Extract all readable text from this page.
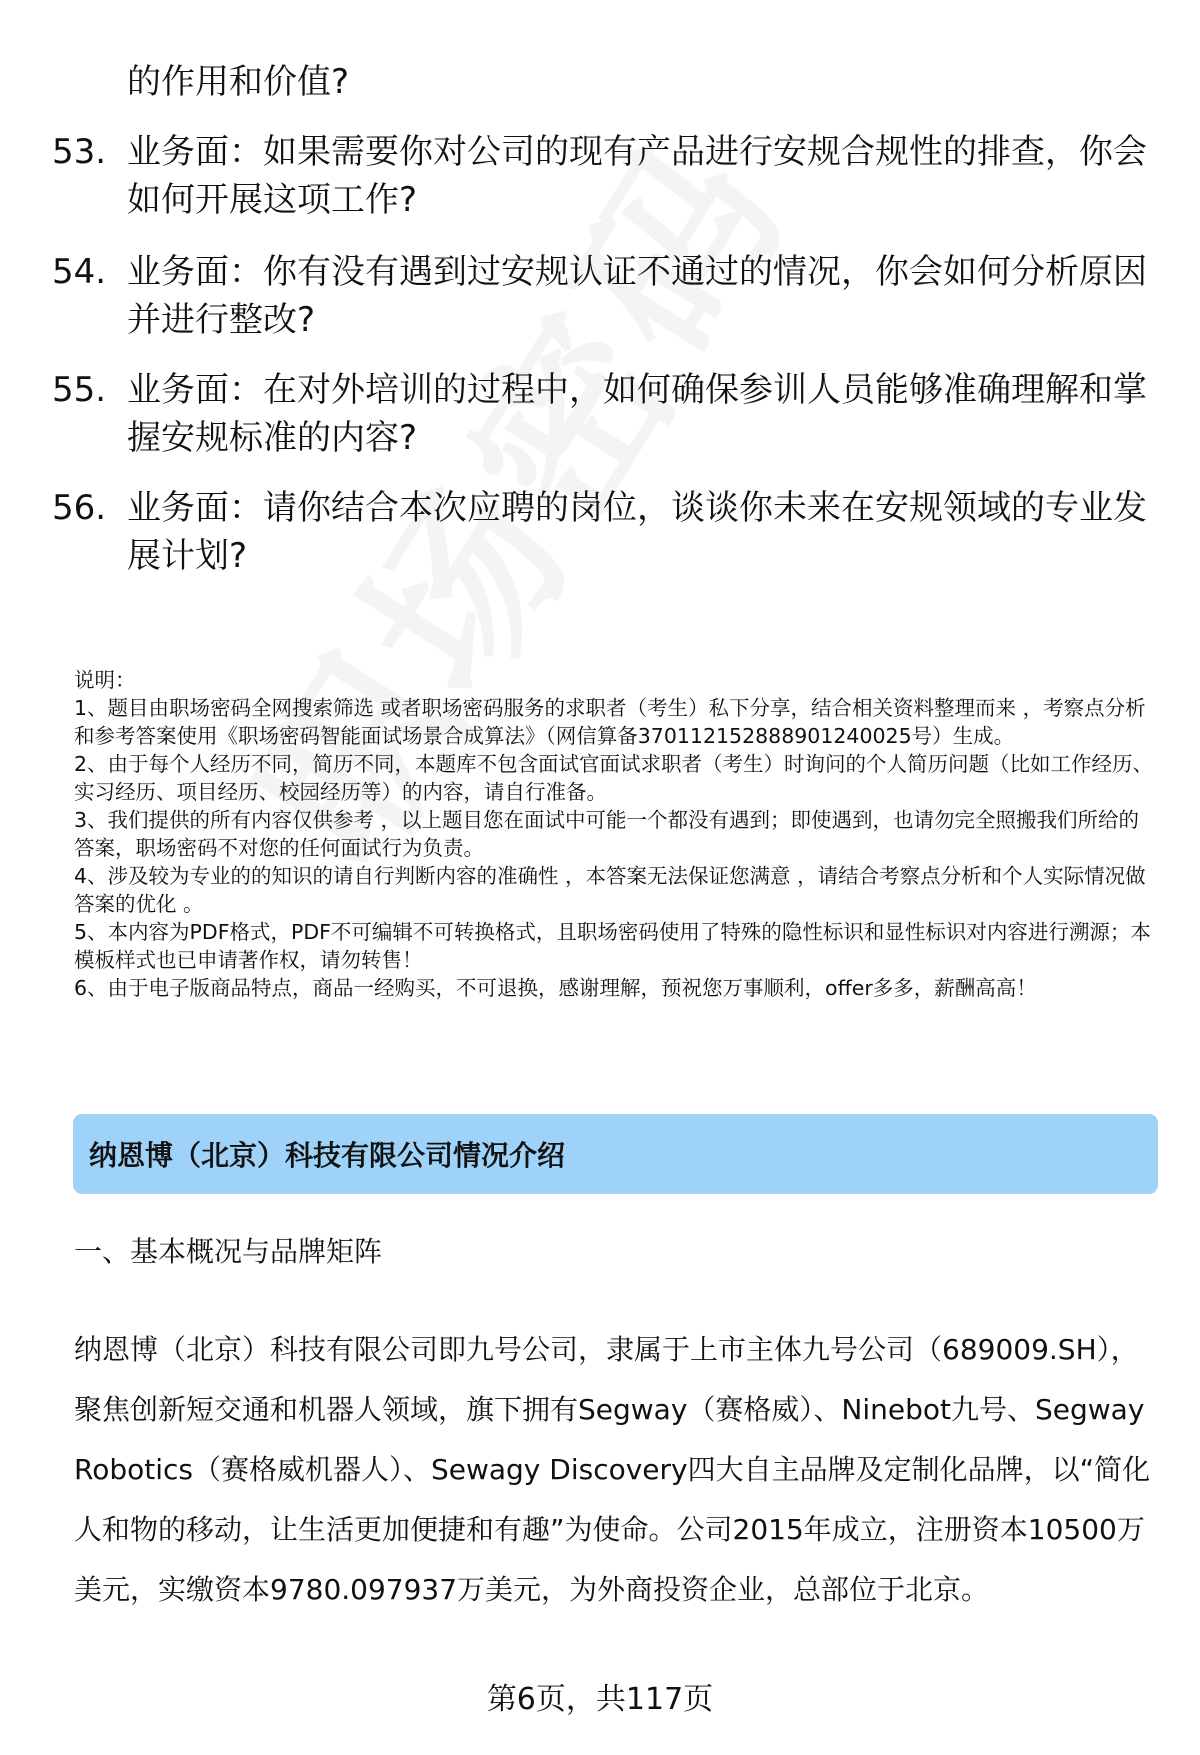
的作用和价值?
53. 业务面：如果需要你对公司的现有产品进行安规合规性的排查，你会如何开展这项工作?
54. 业务面：你有没有遇到过安规认证不通过的情况，你会如何分析原因并进行整改?
55. 业务面：在对外培训的过程中，如何确保参训人员能够准确理解和掌握安规标准的内容?
56. 业务面：请你结合本次应聘的岗位，谈谈你未来在安规领域的专业发展计划?

说明：

1、题目由职场密码全网搜索筛选 或者职场密码服务的求职者（考生）私下分享，结合相关资料整理而来 ，考察点分析和参考答案使用《职场密码智能面试场景合成算法》（网信算备370112152888901240025号）生成。

2、由于每个人经历不同，简历不同，本题库不包含面试官面试求职者（考生）时询问的个人简历问题（比如工作经历、实习经历、项目经历、校园经历等）的内容，请自行准备。

3、我们提供的所有内容仅供参考 ，以上题目您在面试中可能一个都没有遇到；即使遇到，也请勿完全照搬我们所给的答案，职场密码不对您的任何面试行为负责。

4、涉及较为专业的的知识的请自行判断内容的准确性 ，本答案无法保证您满意 ，请结合考察点分析和个人实际情况做答案的优化 。

5、本内容为PDF格式，PDF不可编辑不可转换格式，且职场密码使用了特殊的隐性标识和显性标识对内容进行溯源；本模板样式也已申请著作权，请勿转售！

6、由于电子版商品特点，商品一经购买，不可退换，感谢理解，预祝您万事顺利，offer多多，薪酬高高！

纳恩博（北京）科技有限公司情况介绍
一、基本概况与品牌矩阵
纳恩博（北京）科技有限公司即九号公司，隶属于上市主体九号公司（689009.SH），聚焦创新短交通和机器人领域，旗下拥有Segway（赛格威）、Ninebot九号、Segway Robotics（赛格威机器人）、Sewagy Discovery四大自主品牌及定制化品牌，以“简化人和物的移动，让生活更加便捷和有趣”为使命。公司2015年成立，注册资本10500万美元，实缴资本9780.097937万美元，为外商投资企业，总部位于北京。
第6页，共117页
